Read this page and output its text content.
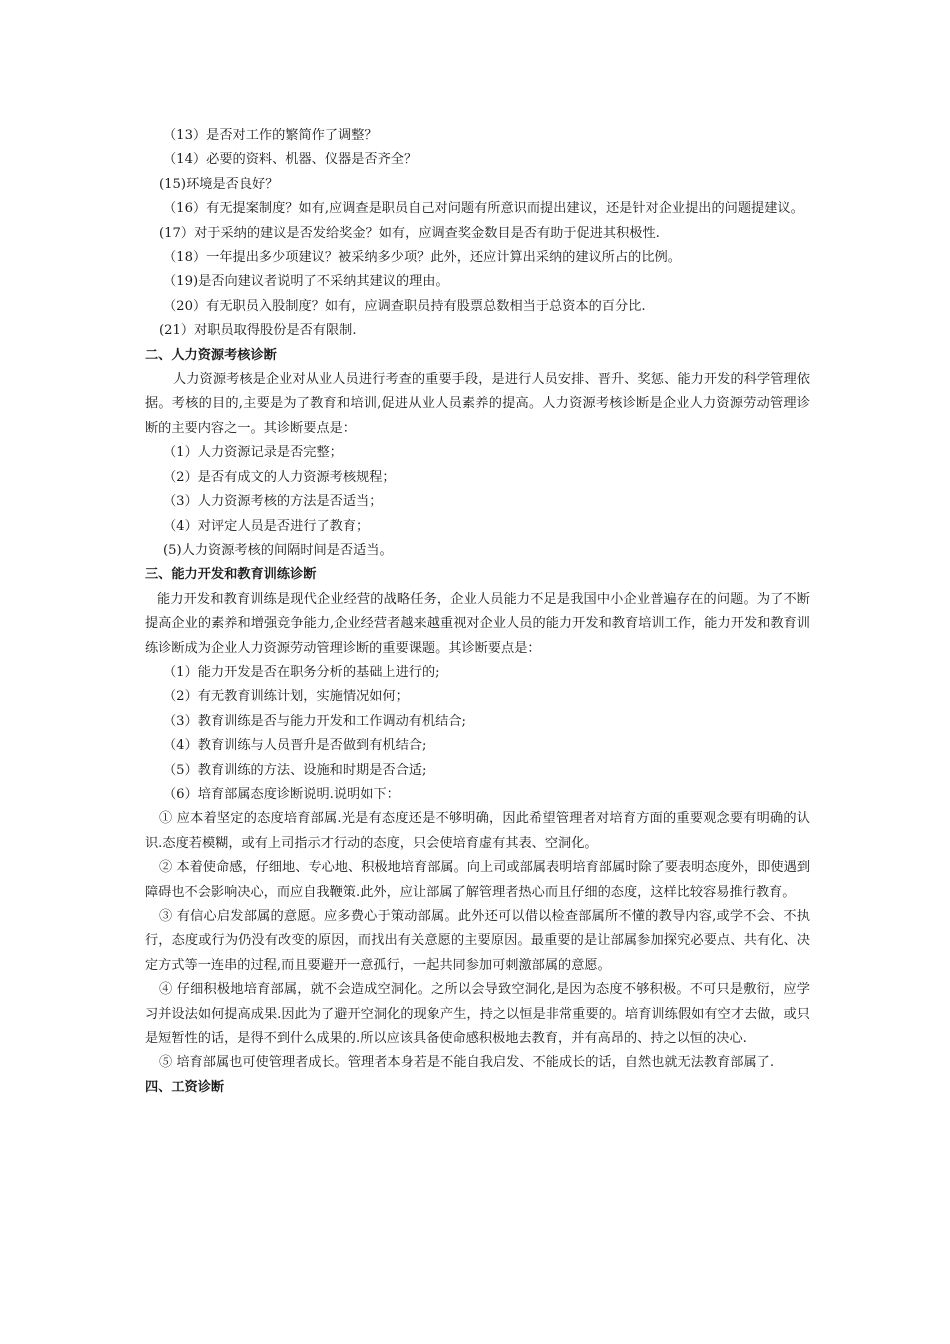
（13）是否对工作的繁简作了调整？

（14）必要的资料、机器、仪器是否齐全？

(15)环境是否良好？

（16）有无提案制度？如有,应调查是职员自己对问题有所意识而提出建议，还是针对企业提出的问题提建议。

(17）对于采纳的建议是否发给奖金？如有，应调查奖金数目是否有助于促进其积极性.

（18）一年提出多少项建议？被采纳多少项？此外，还应计算出采纳的建议所占的比例。

（19)是否向建议者说明了不采纳其建议的理由。

（20）有无职员入股制度？如有，应调查职员持有股票总数相当于总资本的百分比.

(21）对职员取得股份是否有限制.

二、人力资源考核诊断

人力资源考核是企业对从业人员进行考查的重要手段，是进行人员安排、晋升、奖惩、能力开发的科学管理依据。考核的目的,主要是为了教育和培训,促进从业人员素养的提高。人力资源考核诊断是企业人力资源劳动管理诊断的主要内容之一。其诊断要点是：

（1）人力资源记录是否完整；

（2）是否有成文的人力资源考核规程；

（3）人力资源考核的方法是否适当；

（4）对评定人员是否进行了教育；

(5)人力资源考核的间隔时间是否适当。

三、能力开发和教育训练诊断

能力开发和教育训练是现代企业经营的战略任务，企业人员能力不足是我国中小企业普遍存在的问题。为了不断提高企业的素养和增强竞争能力,企业经营者越来越重视对企业人员的能力开发和教育培训工作，能力开发和教育训练诊断成为企业人力资源劳动管理诊断的重要课题。其诊断要点是：

（1）能力开发是否在职务分析的基础上进行的;

（2）有无教育训练计划，实施情况如何；

（3）教育训练是否与能力开发和工作调动有机结合;

（4）教育训练与人员晋升是否做到有机结合;

（5）教育训练的方法、设施和时期是否合适;

（6）培育部属态度诊断说明.说明如下：

① 应本着坚定的态度培育部属.光是有态度还是不够明确，因此希望管理者对培育方面的重要观念要有明确的认识.态度若模糊，或有上司指示才行动的态度，只会使培育虚有其表、空洞化。

② 本着使命感，仔细地、专心地、积极地培育部属。向上司或部属表明培育部属时除了要表明态度外，即使遇到障碍也不会影响决心，而应自我鞭策.此外，应让部属了解管理者热心而且仔细的态度，这样比较容易推行教育。

③ 有信心启发部属的意愿。应多费心于策动部属。此外还可以借以检查部属所不懂的教导内容,或学不会、不执行，态度或行为仍没有改变的原因，而找出有关意愿的主要原因。最重要的是让部属参加探究必要点、共有化、决定方式等一连串的过程,而且要避开一意孤行，一起共同参加可刺激部属的意愿。

④ 仔细积极地培育部属，就不会造成空洞化。之所以会导致空洞化,是因为态度不够积极。不可只是敷衍，应学习并设法如何提高成果.因此为了避开空洞化的现象产生，持之以恒是非常重要的。培育训练假如有空才去做，或只是短暂性的话，是得不到什么成果的.所以应该具备使命感积极地去教育，并有高昂的、持之以恒的决心.

⑤ 培育部属也可使管理者成长。管理者本身若是不能自我启发、不能成长的话，自然也就无法教育部属了.

四、工资诊断
